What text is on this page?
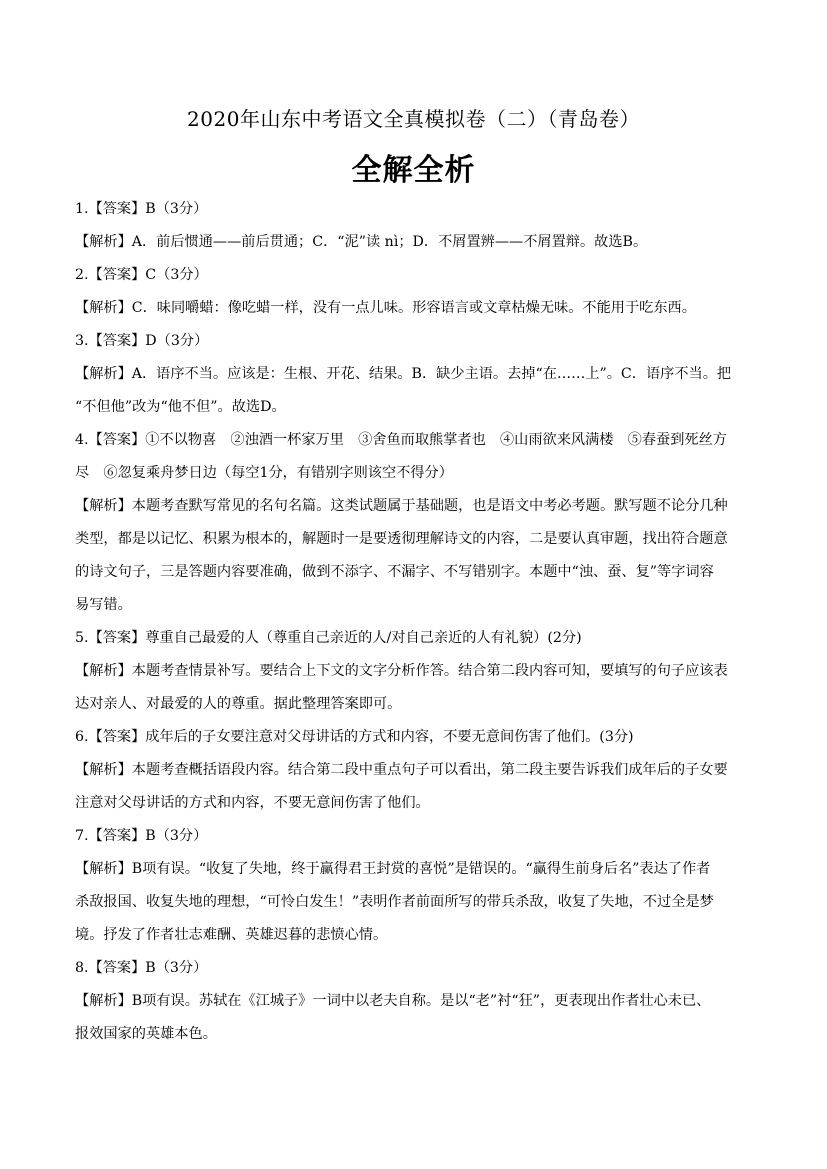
2020年山东中考语文全真模拟卷（二）（青岛卷）
全解全析
1.【答案】B（3分）
【解析】A．前后惯通——前后贯通；C．“泥”读 nì；D．不屑置辨——不屑置辩。故选B。
2.【答案】C（3分）
【解析】C．味同嚼蜡：像吃蜡一样，没有一点儿味。形容语言或文章枯燥无味。不能用于吃东西。
3.【答案】D（3分）
【解析】A．语序不当。应该是：生根、开花、结果。B．缺少主语。去掉“在……上”。C．语序不当。把
“不但他”改为“他不但”。故选D。
4.【答案】①不以物喜　②浊酒一杯家万里　③舍鱼而取熊掌者也　④山雨欲来风满楼　⑤春蚕到死丝方
尽　⑥忽复乘舟梦日边（每空1分，有错别字则该空不得分）
【解析】本题考查默写常见的名句名篇。这类试题属于基础题，也是语文中考必考题。默写题不论分几种
类型，都是以记忆、积累为根本的，解题时一是要透彻理解诗文的内容，二是要认真审题，找出符合题意
的诗文句子，三是答题内容要准确，做到不添字、不漏字、不写错别字。本题中“浊、蚕、复”等字词容
易写错。
5.【答案】尊重自己最爱的人（尊重自己亲近的人/对自己亲近的人有礼貌）(2分)
【解析】本题考查情景补写。要结合上下文的文字分析作答。结合第二段内容可知，要填写的句子应该表
达对亲人、对最爱的人的尊重。据此整理答案即可。
6.【答案】成年后的子女要注意对父母讲话的方式和内容，不要无意间伤害了他们。(3分)
【解析】本题考查概括语段内容。结合第二段中重点句子可以看出，第二段主要告诉我们成年后的子女要
注意对父母讲话的方式和内容，不要无意间伤害了他们。
7.【答案】B（3分）
【解析】B项有误。“收复了失地，终于赢得君王封赏的喜悦”是错误的。“赢得生前身后名”表达了作者
杀敌报国、收复失地的理想，“可怜白发生！”表明作者前面所写的带兵杀敌，收复了失地，不过全是梦
境。抒发了作者壮志难酬、英雄迟暮的悲愤心情。
8.【答案】B（3分）
【解析】B项有误。苏轼在《江城子》一词中以老夫自称。是以“老”衬“狂”，更表现出作者壮心未已、
报效国家的英雄本色。
